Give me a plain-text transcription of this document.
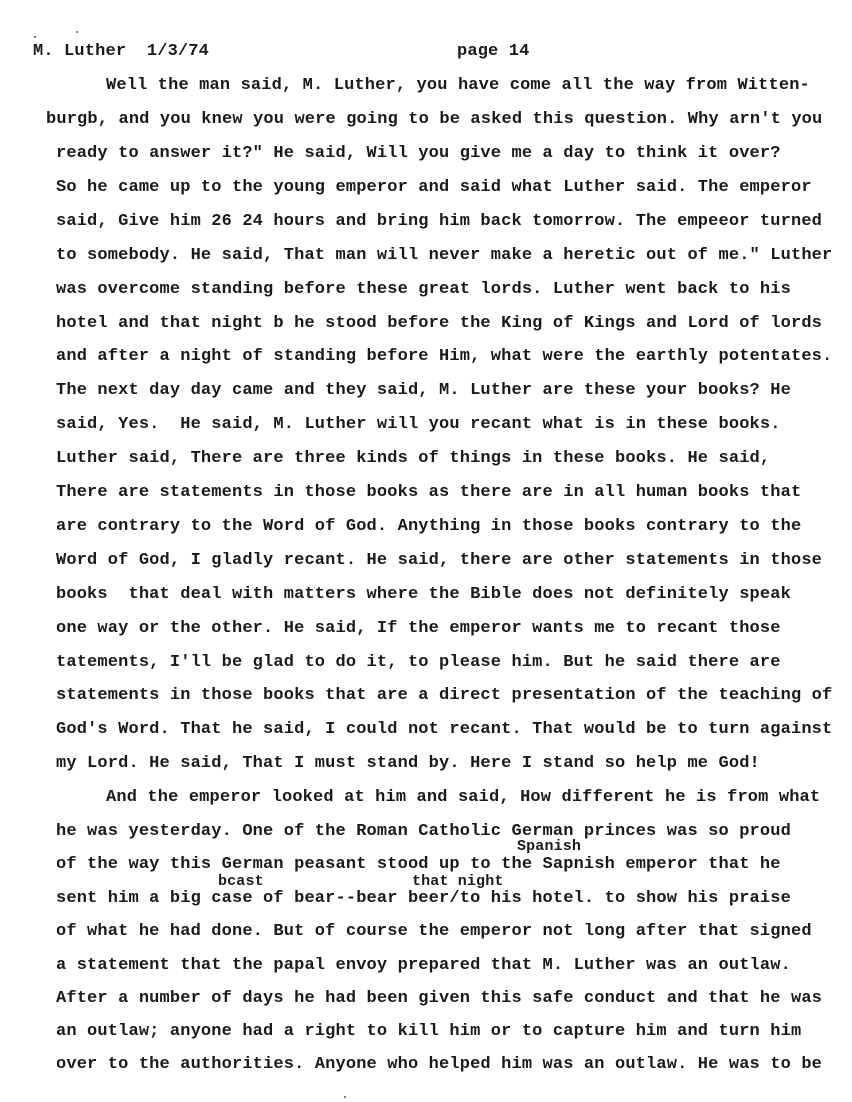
M. Luther  1/3/74	page 14
Well the man said, M. Luther, you have come all the way from Witten-
burgb, and you knew you were going to be asked this question. Why arn't you
ready to answer it?" He said, Will you give me a day to think it over?
So he came up to the young emperor and said what Luther said. The emperor
said, Give him 26 24 hours and bring him back tomorrow. The empeeor turned
to somebody. He said, That man will never make a heretic out of me." Luther
was overcome standing before these great lords. Luther went back to his
hotel and that night b he stood before the King of Kings and Lord of lords
and after a night of standing before Him, what were the earthly potentates.
The next day day came and they said, M. Luther are these your books? He
said, Yes.  He said, M. Luther will you recant what is in these books.
Luther said, There are three kinds of things in these books. He said,
There are statements in those books as there are in all human books that
are contrary to the Word of God. Anything in those books contrary to the
Word of God, I gladly recant. He said, there are other statements in those
books  that deal with matters where the Bible does not definitely speak
one way or the other. He said, If the emperor wants me to recant those
tatements, I'll be glad to do it, to please him. But he said there are
statements in those books that are a direct presentation of the teaching of
God's Word. That he said, I could not recant. That would be to turn against
my Lord. He said, That I must stand by. Here I stand so help me God!
And the emperor looked at him and said, How different he is from what
he was yesterday. One of the Roman Catholic German princes was so proud
Spanish
of the way this German peasant stood up to the Sapnish emperor that he
bcast	that night
sent him a big case of bear--bear beer/to his hotel. to show his praise
of what he had done. But of course the emperor not long after that signed
a statement that the papal envoy prepared that M. Luther was an outlaw.
After a number of days he had been given this safe conduct and that he was
an outlaw; anyone had a right to kill him or to capture him and turn him
over to the authorities. Anyone who helped him was an outlaw. He was to be
